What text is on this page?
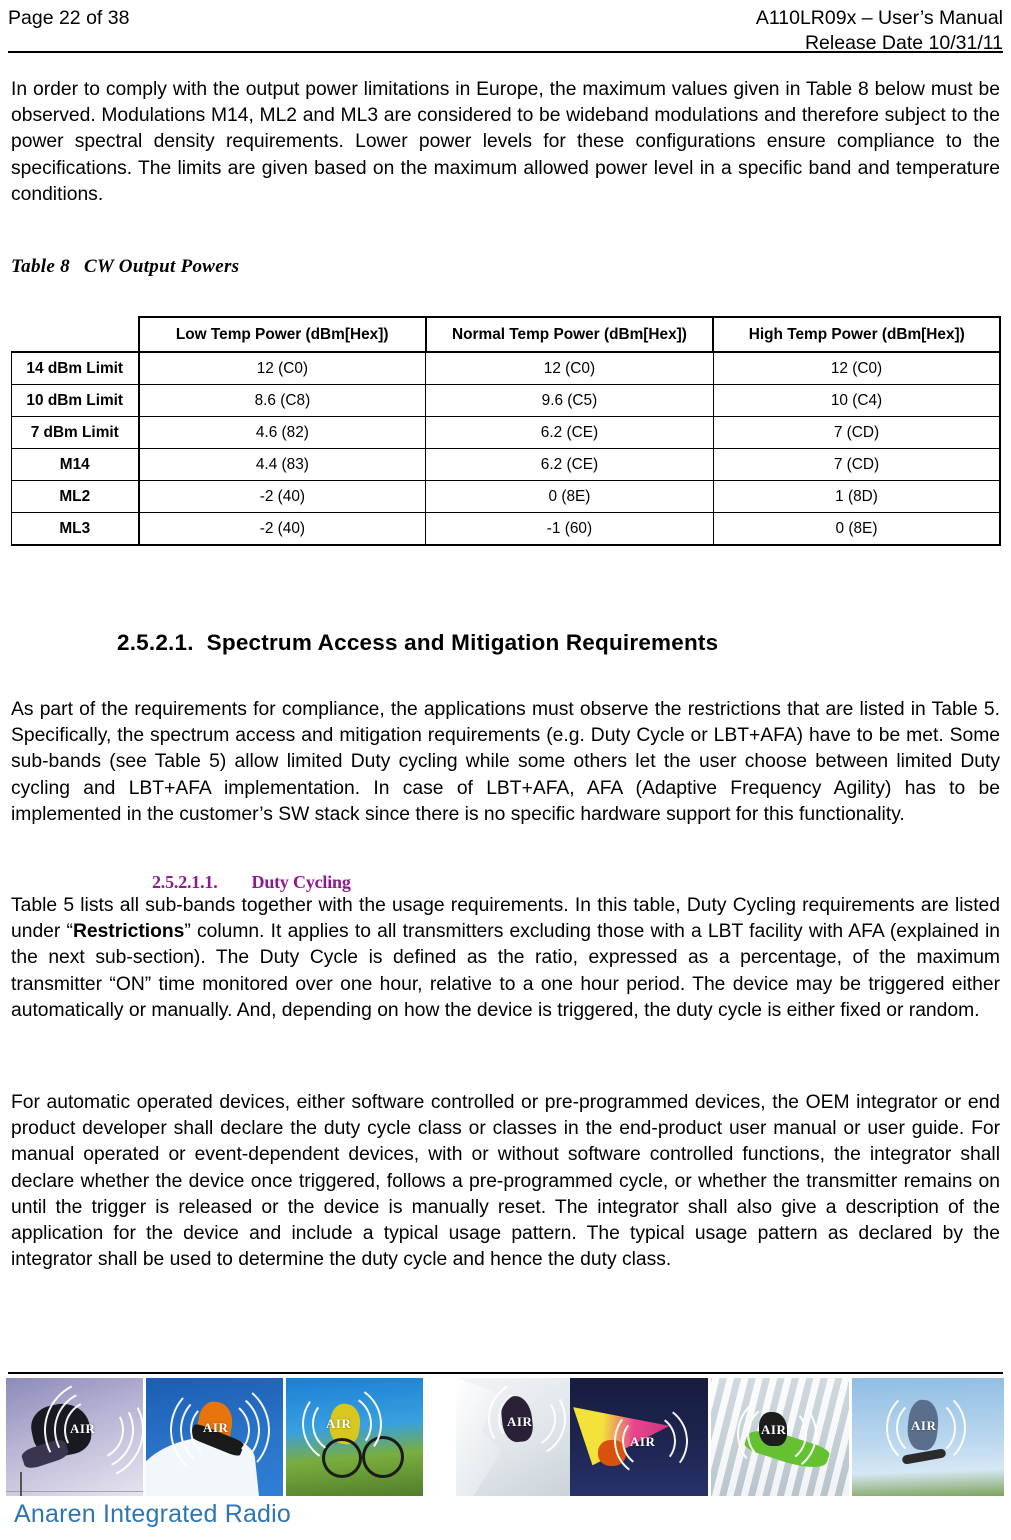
Page 22 of 38	A110LR09x – User’s Manual
Release Date 10/31/11
In order to comply with the output power limitations in Europe, the maximum values given in Table 8 below must be observed. Modulations M14, ML2 and ML3 are considered to be wideband modulations and therefore subject to the power spectral density requirements. Lower power levels for these configurations ensure compliance to the specifications. The limits are given based on the maximum allowed power level in a specific band and temperature conditions.
Table 8 CW Output Powers
	Low Temp Power (dBm[Hex])	Normal Temp Power (dBm[Hex])	High Temp Power (dBm[Hex])
14 dBm Limit	12 (C0)	12 (C0)	12 (C0)
10 dBm Limit	8.6 (C8)	9.6 (C5)	10 (C4)
7 dBm Limit	4.6 (82)	6.2 (CE)	7 (CD)
M14	4.4 (83)	6.2 (CE)	7 (CD)
ML2	-2 (40)	0 (8E)	1 (8D)
ML3	-2 (40)	-1 (60)	0 (8E)
2.5.2.1. Spectrum Access and Mitigation Requirements
As part of the requirements for compliance, the applications must observe the restrictions that are listed in Table 5. Specifically, the spectrum access and mitigation requirements (e.g. Duty Cycle or LBT+AFA) have to be met. Some sub-bands (see Table 5) allow limited Duty cycling while some others let the user choose between limited Duty cycling and LBT+AFA implementation. In case of LBT+AFA, AFA (Adaptive Frequency Agility) has to be implemented in the customer’s SW stack since there is no specific hardware support for this functionality.
2.5.2.1.1. Duty Cycling
Table 5 lists all sub-bands together with the usage requirements. In this table, Duty Cycling requirements are listed under “Restrictions” column. It applies to all transmitters excluding those with a LBT facility with AFA (explained in the next sub-section). The Duty Cycle is defined as the ratio, expressed as a percentage, of the maximum transmitter “ON” time monitored over one hour, relative to a one hour period. The device may be triggered either automatically or manually. And, depending on how the device is triggered, the duty cycle is either fixed or random.
For automatic operated devices, either software controlled or pre-programmed devices, the OEM integrator or end product developer shall declare the duty cycle class or classes in the end-product user manual or user guide. For manual operated or event-dependent devices, with or without software controlled functions, the integrator shall declare whether the device once triggered, follows a pre-programmed cycle, or whether the transmitter remains on until the trigger is released or the device is manually reset. The integrator shall also give a description of the application for the device and include a typical usage pattern. The typical usage pattern as declared by the integrator shall be used to determine the duty cycle and hence the duty class.
AIR	AIR	AIR	AIR
AIR
AIR	AIR
Anaren Integrated Radio
